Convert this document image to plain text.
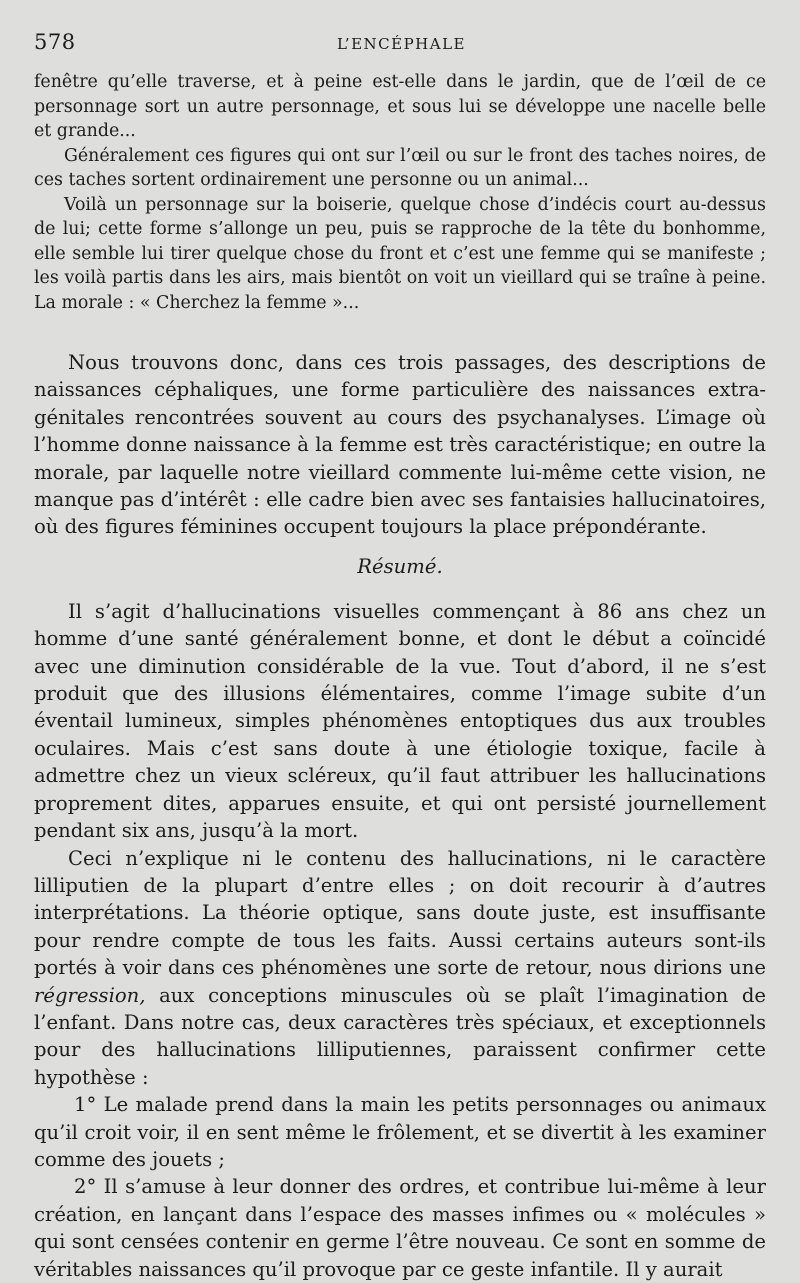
578	L’ENCÉPHALE

fenêtre qu’elle traverse, et à peine est-elle dans le jardin, que de l’œil de ce personnage sort un autre personnage, et sous lui se développe une nacelle belle et grande...

Généralement ces figures qui ont sur l’œil ou sur le front des taches noires, de ces taches sortent ordinairement une personne ou un animal...

Voilà un personnage sur la boiserie, quelque chose d’indécis court au-dessus de lui; cette forme s’allonge un peu, puis se rapproche de la tête du bonhomme, elle semble lui tirer quelque chose du front et c’est une femme qui se manifeste ; les voilà partis dans les airs, mais bientôt on voit un vieillard qui se traîne à peine. La morale : « Cherchez la femme »...

Nous trouvons donc, dans ces trois passages, des descriptions de naissances céphaliques, une forme particulière des naissances extra-génitales rencontrées souvent au cours des psychanalyses. L’image où l’homme donne naissance à la femme est très caractéristique; en outre la morale, par laquelle notre vieillard commente lui-même cette vision, ne manque pas d’intérêt : elle cadre bien avec ses fantaisies hallucinatoires, où des figures féminines occupent toujours la place prépondérante.

Résumé.

Il s’agit d’hallucinations visuelles commençant à 86 ans chez un homme d’une santé généralement bonne, et dont le début a coïncidé avec une diminution considérable de la vue. Tout d’abord, il ne s’est produit que des illusions élémentaires, comme l’image subite d’un éventail lumineux, simples phénomènes entoptiques dus aux troubles oculaires. Mais c’est sans doute à une étiologie toxique, facile à admettre chez un vieux scléreux, qu’il faut attribuer les hallucinations proprement dites, apparues ensuite, et qui ont persisté journellement pendant six ans, jusqu’à la mort.

Ceci n’explique ni le contenu des hallucinations, ni le caractère lilliputien de la plupart d’entre elles ; on doit recourir à d’autres interprétations. La théorie optique, sans doute juste, est insuffisante pour rendre compte de tous les faits. Aussi certains auteurs sont-ils portés à voir dans ces phénomènes une sorte de retour, nous dirions une régression, aux conceptions minuscules où se plaît l’imagination de l’enfant. Dans notre cas, deux caractères très spéciaux, et exceptionnels pour des hallucinations lilliputiennes, paraissent confirmer cette hypothèse :

1° Le malade prend dans la main les petits personnages ou animaux qu’il croit voir, il en sent même le frôlement, et se divertit à les examiner comme des jouets ;

2° Il s’amuse à leur donner des ordres, et contribue lui-même à leur création, en lançant dans l’espace des masses infimes ou « molécules » qui sont censées contenir en germe l’être nouveau. Ce sont en somme de véritables naissances qu’il provoque par ce geste infantile. Il y aurait
